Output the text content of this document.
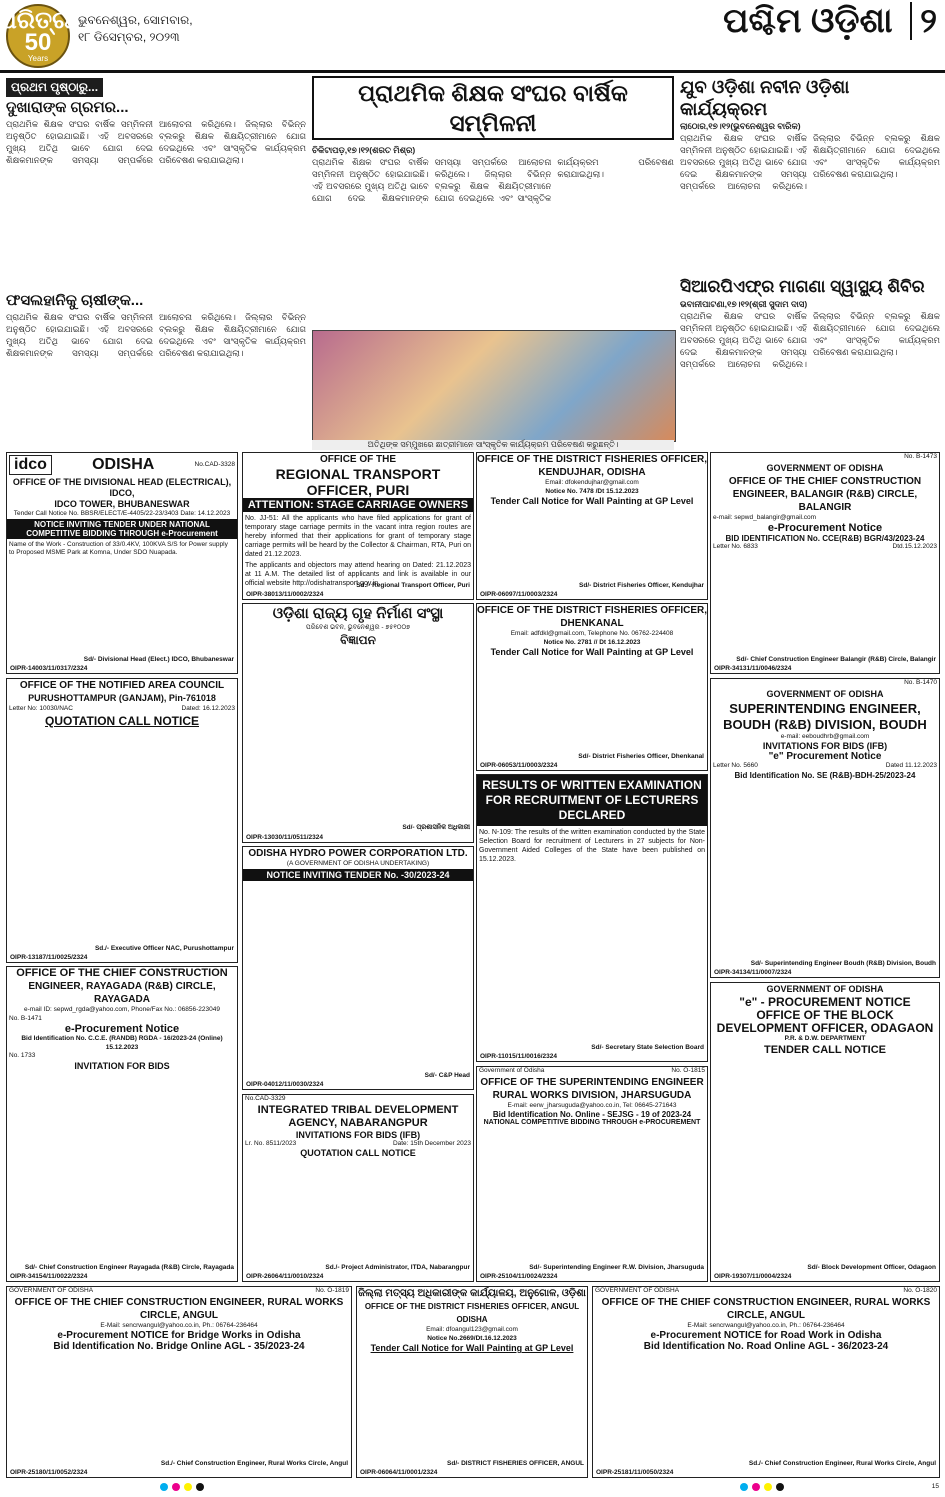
ଧରିତ୍ରୀ
50
Years
ଭୁବନେଶ୍ୱର, ସୋମବାର,
୧୮ ଡିସେମ୍ବର, ୨୦୨୩	ପଶ୍ଚିମ ଓଡ଼ିଶା ୨
ପ୍ରଥମ ପୃଷ୍ଠାରୁ...
ଦୁଖାରାଙ୍କ ଗ୍ରମର...
ପ୍ରାଥମିକ ଶିକ୍ଷକ ସଂଘର ବାର୍ଷିକ ସମ୍ମିଳନୀ ଅନୁଷ୍ଠିତ ହୋଇଯାଇଛି। ଏହି ଅବସରରେ ମୁଖ୍ୟ ଅତିଥି ଭାବେ ଯୋଗ ଦେଇ ଶିକ୍ଷକମାନଙ୍କ ସମସ୍ୟା ସମ୍ପର୍କରେ ଆଲୋଚନା କରିଥିଲେ। ଜିଲ୍ଲାର ବିଭିନ୍ନ ବ୍ଲକରୁ ଶିକ୍ଷକ ଶିକ୍ଷୟିତ୍ରୀମାନେ ଯୋଗ ଦେଇଥିଲେ ଏବଂ ସାଂସ୍କୃତିକ କାର୍ଯ୍ୟକ୍ରମ ପରିବେଷଣ କରାଯାଇଥିଲା।
ଫସଲହାନିକୁ ଚାଷୀଙ୍କ...
ପ୍ରାଥମିକ ଶିକ୍ଷକ ସଂଘର ବାର୍ଷିକ ସମ୍ମିଳନୀ ଅନୁଷ୍ଠିତ ହୋଇଯାଇଛି। ଏହି ଅବସରରେ ମୁଖ୍ୟ ଅତିଥି ଭାବେ ଯୋଗ ଦେଇ ଶିକ୍ଷକମାନଙ୍କ ସମସ୍ୟା ସମ୍ପର୍କରେ ଆଲୋଚନା କରିଥିଲେ। ଜିଲ୍ଲାର ବିଭିନ୍ନ ବ୍ଲକରୁ ଶିକ୍ଷକ ଶିକ୍ଷୟିତ୍ରୀମାନେ ଯୋଗ ଦେଇଥିଲେ ଏବଂ ସାଂସ୍କୃତିକ କାର୍ଯ୍ୟକ୍ରମ ପରିବେଷଣ କରାଯାଇଥିଲା।
ପ୍ରାଥମିକ ଶିକ୍ଷକ ସଂଘର ବାର୍ଷିକ ସମ୍ମିଳନୀ
ଚିକିଟାପଡ଼,୧୭।୧୨(ଶରତ ମିଶ୍ର)
ପ୍ରାଥମିକ ଶିକ୍ଷକ ସଂଘର ବାର୍ଷିକ ସମ୍ମିଳନୀ ଅନୁଷ୍ଠିତ ହୋଇଯାଇଛି। ଏହି ଅବସରରେ ମୁଖ୍ୟ ଅତିଥି ଭାବେ ଯୋଗ ଦେଇ ଶିକ୍ଷକମାନଙ୍କ ସମସ୍ୟା ସମ୍ପର୍କରେ ଆଲୋଚନା କରିଥିଲେ। ଜିଲ୍ଲାର ବିଭିନ୍ନ ବ୍ଲକରୁ ଶିକ୍ଷକ ଶିକ୍ଷୟିତ୍ରୀମାନେ ଯୋଗ ଦେଇଥିଲେ ଏବଂ ସାଂସ୍କୃତିକ କାର୍ଯ୍ୟକ୍ରମ ପରିବେଷଣ କରାଯାଇଥିଲା।
ଅତିଥିଙ୍କ ସମ୍ମୁଖରେ ଛାତ୍ରୀମାନେ ସାଂସ୍କୃତିକ କାର୍ଯ୍ୟକ୍ରମ ପରିବେଷଣ କରୁଛନ୍ତି।
ଯୁବ ଓଡ଼ିଶା ନବୀନ ଓଡ଼ିଶା କାର୍ଯ୍ୟକ୍ରମ
ଲାଠୋର,୧୭।୧୨(ଭୁବନେଶ୍ୱର ବାରିକ)
ପ୍ରାଥମିକ ଶିକ୍ଷକ ସଂଘର ବାର୍ଷିକ ସମ୍ମିଳନୀ ଅନୁଷ୍ଠିତ ହୋଇଯାଇଛି। ଏହି ଅବସରରେ ମୁଖ୍ୟ ଅତିଥି ଭାବେ ଯୋଗ ଦେଇ ଶିକ୍ଷକମାନଙ୍କ ସମସ୍ୟା ସମ୍ପର୍କରେ ଆଲୋଚନା କରିଥିଲେ। ଜିଲ୍ଲାର ବିଭିନ୍ନ ବ୍ଲକରୁ ଶିକ୍ଷକ ଶିକ୍ଷୟିତ୍ରୀମାନେ ଯୋଗ ଦେଇଥିଲେ ଏବଂ ସାଂସ୍କୃତିକ କାର୍ଯ୍ୟକ୍ରମ ପରିବେଷଣ କରାଯାଇଥିଲା।
ସିଆରପିଏଫ୍‌ର ମାଗଣା ସ୍ୱାସ୍ଥ୍ୟ ଶିବିର
ଭବାନୀପାଟଣା,୧୭।୧୨(ଶ୍ରୀ ସୁଦାମ ଦାସ)
ପ୍ରାଥମିକ ଶିକ୍ଷକ ସଂଘର ବାର୍ଷିକ ସମ୍ମିଳନୀ ଅନୁଷ୍ଠିତ ହୋଇଯାଇଛି। ଏହି ଅବସରରେ ମୁଖ୍ୟ ଅତିଥି ଭାବେ ଯୋଗ ଦେଇ ଶିକ୍ଷକମାନଙ୍କ ସମସ୍ୟା ସମ୍ପର୍କରେ ଆଲୋଚନା କରିଥିଲେ। ଜିଲ୍ଲାର ବିଭିନ୍ନ ବ୍ଲକରୁ ଶିକ୍ଷକ ଶିକ୍ଷୟିତ୍ରୀମାନେ ଯୋଗ ଦେଇଥିଲେ ଏବଂ ସାଂସ୍କୃତିକ କାର୍ଯ୍ୟକ୍ରମ ପରିବେଷଣ କରାଯାଇଥିଲା।
idco	ODISHA	No.CAD-3328
OFFICE OF THE DIVISIONAL HEAD (ELECTRICAL), IDCO,
IDCO TOWER, BHUBANESWAR
Tender Call Notice No. BBSR/ELECT/E-4405/22-23/3403 Date: 14.12.2023
NOTICE INVITING TENDER UNDER NATIONAL COMPETITIVE BIDDING THROUGH e-Procurement
Name of the Work - Construction of 33/0.4KV, 100KVA S/S for Power supply to Proposed MSME Park at Komna, Under SDO Nuapada.
OIPR-14003/11/0317/2324
Sd/- Divisional Head (Elect.) IDCO, Bhubaneswar
OFFICE OF THE
REGIONAL TRANSPORT OFFICER, PURI
ATTENTION: STAGE CARRIAGE OWNERS
No. JJ-51: All the applicants who have filed applications for grant of temporary stage carriage permits in the vacant intra region routes are hereby informed that their applications for grant of temporary stage carriage permits will be heard by the Collector & Chairman, RTA, Puri on dated 21.12.2023.
The applicants and objectors may attend hearing on Dated: 21.12.2023 at 11 A.M. The detailed list of applicants and link is available in our official website http://odishatransport.gov.in.
Sd./- Regional Transport Officer, Puri
OIPR-38013/11/0002/2324
OFFICE OF THE DISTRICT FISHERIES OFFICER, KENDUJHAR, ODISHA
Email: dfokendujhar@gmail.com
Notice No. 7478 /Dt 15.12.2023
Tender Call Notice for Wall Painting at GP Level
Sd/- District Fisheries Officer, Kendujhar
OIPR-06097/11/0003/2324
No. B-1473
GOVERNMENT OF ODISHA
OFFICE OF THE CHIEF CONSTRUCTION ENGINEER, BALANGIR (R&B) CIRCLE, BALANGIR
e-mail: sepwd_balangir@gmail.com
e-Procurement Notice
BID IDENTIFICATION No. CCE(R&B) BGR/43/2023-24
Letter No. 6833	Dtd.15.12.2023
Sd/- Chief Construction Engineer Balangir (R&B) Circle, Balangir
OIPR-34131/11/0046/2324
ଓଡ଼ିଶା ରାଜ୍ୟ ଗୃହ ନିର୍ମାଣ ସଂସ୍ଥା
ପରିବେଶ ଭବନ, ଭୁବନେଶ୍ୱର - ୭୫୧୦୦୭
ବିଜ୍ଞାପନ
Sd/- ପ୍ରଶାସନିକ ଅଧିକାରୀ
OIPR-13030/11/0511/2324
OFFICE OF THE DISTRICT FISHERIES OFFICER, DHENKANAL
Email: adfdkl@gmail.com, Telephone No. 06762-224408
Notice No. 2781 // Dt 16.12.2023
Tender Call Notice for Wall Painting at GP Level
Sd/- District Fisheries Officer, Dhenkanal
OIPR-06053/11/0003/2324
OFFICE OF THE NOTIFIED AREA COUNCIL
PURUSHOTTAMPUR (GANJAM), Pin-761018
Letter No: 10030/NAC	Dated: 16.12.2023
QUOTATION CALL NOTICE
Sd./- Executive Officer NAC, Purushottampur
OIPR-13187/11/0025/2324
No. B-1470
GOVERNMENT OF ODISHA
SUPERINTENDING ENGINEER, BOUDH (R&B) DIVISION, BOUDH
e-mail: eeboudhrb@gmail.com
INVITATIONS FOR BIDS (IFB)
"e" Procurement Notice
Letter No. 5660	Dated 11.12.2023
Bid Identification No. SE (R&B)-BDH-25/2023-24
Sd/- Superintending Engineer Boudh (R&B) Division, Boudh
OIPR-34134/11/0007/2324
ODISHA HYDRO POWER CORPORATION LTD.
(A GOVERNMENT OF ODISHA UNDERTAKING)
NOTICE INVITING TENDER No. -30/2023-24
Sd/- C&P Head
OIPR-04012/11/0030/2324
RESULTS OF WRITTEN EXAMINATION FOR RECRUITMENT OF LECTURERS DECLARED
No. N-109: The results of the written examination conducted by the State Selection Board for recruitment of Lecturers in 27 subjects for Non-Government Aided Colleges of the State have been published on 15.12.2023.
Sd/- Secretary State Selection Board
OIPR-11015/11/0016/2324
OFFICE OF THE CHIEF CONSTRUCTION
ENGINEER, RAYAGADA (R&B) CIRCLE, RAYAGADA
e-mail ID: sepwd_rgda@yahoo.com, Phone/Fax No.: 06856-223049
No. B-1471
e-Procurement Notice
Bid Identification No. C.C.E. (RANDB) RGDA - 16/2023-24 (Online) 15.12.2023
No. 1733
INVITATION FOR BIDS
Sd/- Chief Construction Engineer Rayagada (R&B) Circle, Rayagada
OIPR-34154/11/0022/2324
GOVERNMENT OF ODISHA
"e" - PROCUREMENT NOTICE
OFFICE OF THE BLOCK DEVELOPMENT OFFICER, ODAGAON
P.R. & D.W. DEPARTMENT
TENDER CALL NOTICE
Sd/- Block Development Officer, Odagaon
OIPR-19307/11/0004/2324
No.CAD-3329
INTEGRATED TRIBAL DEVELOPMENT AGENCY, NABARANGPUR
INVITATIONS FOR BIDS (IFB)
Lr. No. 8511/2023	Date: 15th December 2023
QUOTATION CALL NOTICE
Sd./- Project Administrator, ITDA, Nabarangpur
OIPR-26064/11/0010/2324
Government of Odisha	No. O-1815
OFFICE OF THE SUPERINTENDING ENGINEER RURAL WORKS DIVISION, JHARSUGUDA
E-mail: eerw_jharsuguda@yahoo.co.in, Tel: 06645-271643
Bid Identification No. Online - SEJSG - 19 of 2023-24
NATIONAL COMPETITIVE BIDDING THROUGH e-PROCUREMENT
Sd/- Superintending Engineer R.W. Division, Jharsuguda
OIPR-25104/11/0024/2324
GOVERNMENT OF ODISHA	No. O-1819
OFFICE OF THE CHIEF CONSTRUCTION ENGINEER, RURAL WORKS CIRCLE, ANGUL
E-Mail: sencrwangul@yahoo.co.in, Ph.: 06764-236464
e-Procurement NOTICE for Bridge Works in Odisha
Bid Identification No. Bridge Online AGL - 35/2023-24
Sd./- Chief Construction Engineer, Rural Works Circle, Angul
OIPR-25180/11/0052/2324
ଜିଲ୍ଲା ମତ୍ସ୍ୟ ଅଧିକାରୀଙ୍କ କାର୍ଯ୍ୟାଳୟ, ଅନୁଗୋଳ, ଓଡ଼ିଶା
OFFICE OF THE DISTRICT FISHERIES OFFICER, ANGUL ODISHA
Email: dfoangul123@gmail.com
Notice No.2669/Dt.16.12.2023
Tender Call Notice for Wall Painting at GP Level
Sd/- DISTRICT FISHERIES OFFICER, ANGUL
OIPR-06064/11/0001/2324
GOVERNMENT OF ODISHA	No. O-1820
OFFICE OF THE CHIEF CONSTRUCTION ENGINEER, RURAL WORKS CIRCLE, ANGUL
E-Mail: sencrwangul@yahoo.co.in, Ph.: 06764-236464
e-Procurement NOTICE for Road Work in Odisha
Bid Identification No. Road Online AGL - 36/2023-24
Sd./- Chief Construction Engineer, Rural Works Circle, Angul
OIPR-25181/11/0050/2324
15
